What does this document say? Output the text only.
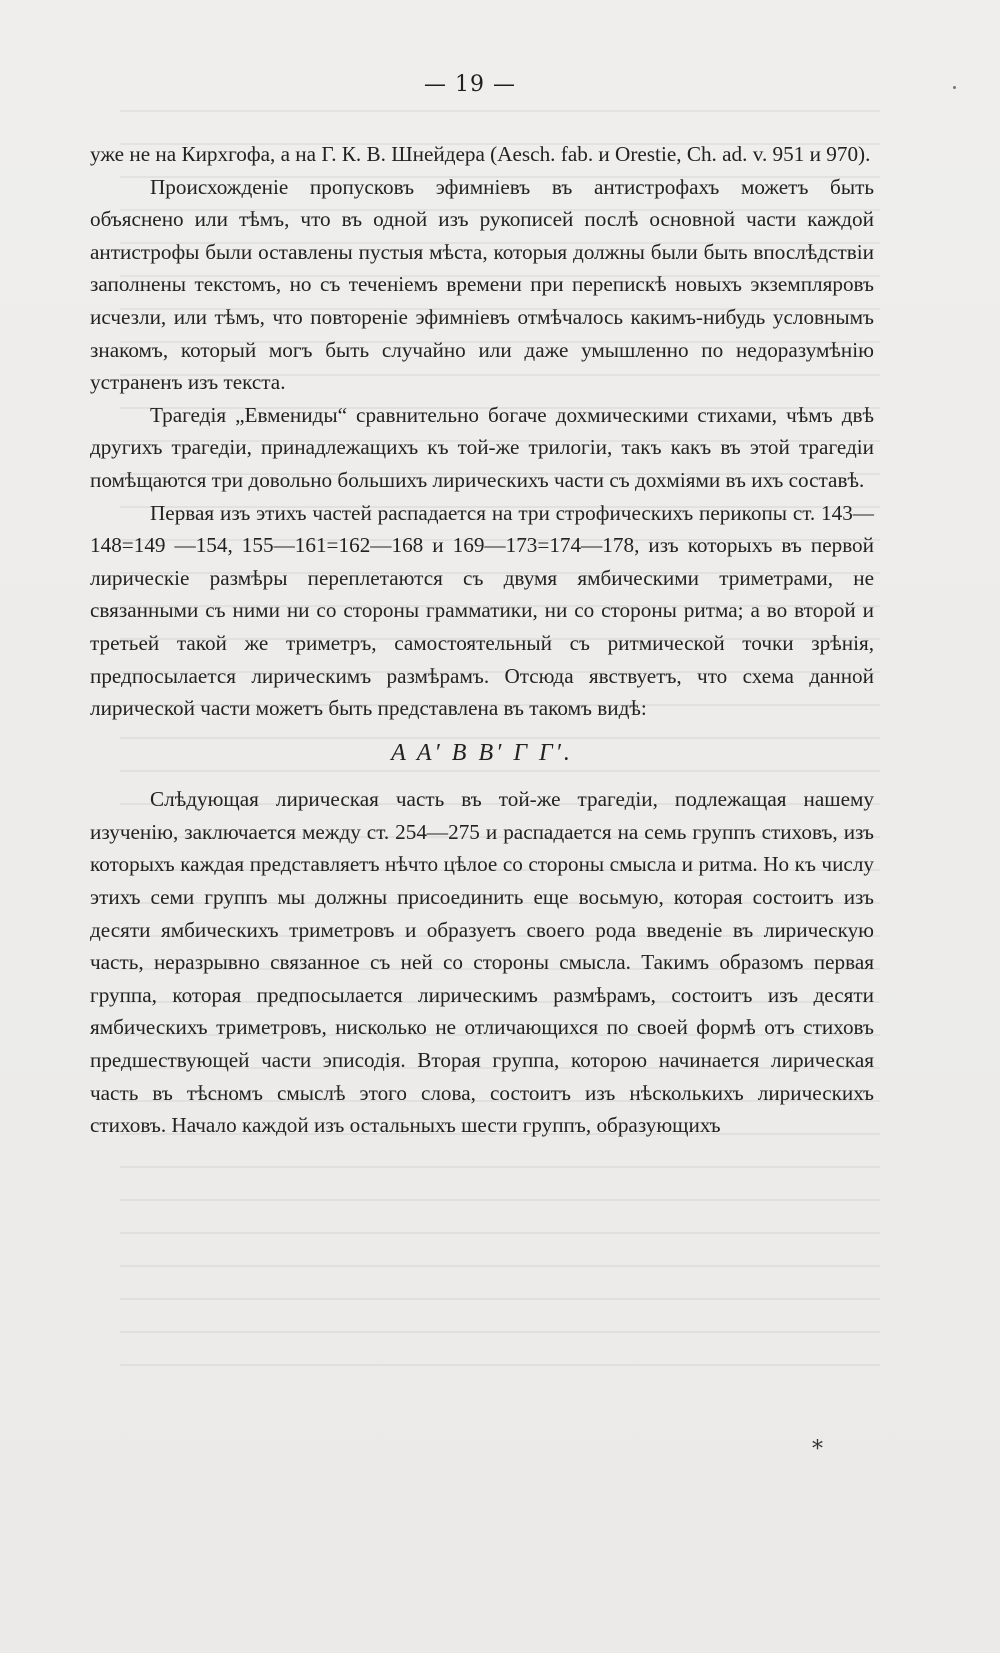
— 19 —

уже не на Кирхгофа, а на Г. К. В. Шнейдера (Aesch. fab. и Orestie, Ch. ad. v. 951 и 970).

Происхожденіе пропусковъ эфимніевъ въ антистрофахъ можетъ быть объяснено или тѣмъ, что въ одной изъ рукописей послѣ основной части каждой антистрофы были оставлены пустыя мѣста, которыя должны были быть впослѣдствіи заполнены текстомъ, но съ теченіемъ времени при перепискѣ новыхъ экземпляровъ исчезли, или тѣмъ, что повтореніе эфимніевъ отмѣчалось какимъ-нибудь условнымъ знакомъ, который могъ быть случайно или даже умышленно по недоразумѣнію устраненъ изъ текста.

Трагедія „Евмениды“ сравнительно богаче дохмическими стихами, чѣмъ двѣ другихъ трагедіи, принадлежащихъ къ той-же трилогіи, такъ какъ въ этой трагедіи помѣщаются три довольно большихъ лирическихъ части съ дохміями въ ихъ составѣ.

Первая изъ этихъ частей распадается на три строфическихъ перикопы ст. 143—148=149 —154, 155—161=162—168 и 169—173=174—178, изъ которыхъ въ первой лирическіе размѣры переплетаются съ двумя ямбическими триметрами, не связанными съ ними ни со стороны грамматики, ни со стороны ритма; а во второй и третьей такой же триметръ, самостоятельный съ ритмической точки зрѣнія, предпосылается лирическимъ размѣрамъ. Отсюда явствуетъ, что схема данной лирической части можетъ быть представлена въ такомъ видѣ:

A A′ B B′ Г Г′.

Слѣдующая лирическая часть въ той-же трагедіи, подлежащая нашему изученію, заключается между ст. 254—275 и распадается на семь группъ стиховъ, изъ которыхъ каждая представляетъ нѣчто цѣлое со стороны смысла и ритма. Но къ числу этихъ семи группъ мы должны присоединить еще восьмую, которая состоитъ изъ десяти ямбическихъ триметровъ и образуетъ своего рода введеніе въ лирическую часть, неразрывно связанное съ ней со стороны смысла. Такимъ образомъ первая группа, которая предпосылается лирическимъ размѣрамъ, состоитъ изъ десяти ямбическихъ триметровъ, нисколько не отличающихся по своей формѣ отъ стиховъ предшествующей части эписодія. Вторая группа, которою начинается лирическая часть въ тѣсномъ смыслѣ этого слова, состоитъ изъ нѣсколькихъ лирическихъ стиховъ. Начало каждой изъ остальныхъ шести группъ, образующихъ

*
